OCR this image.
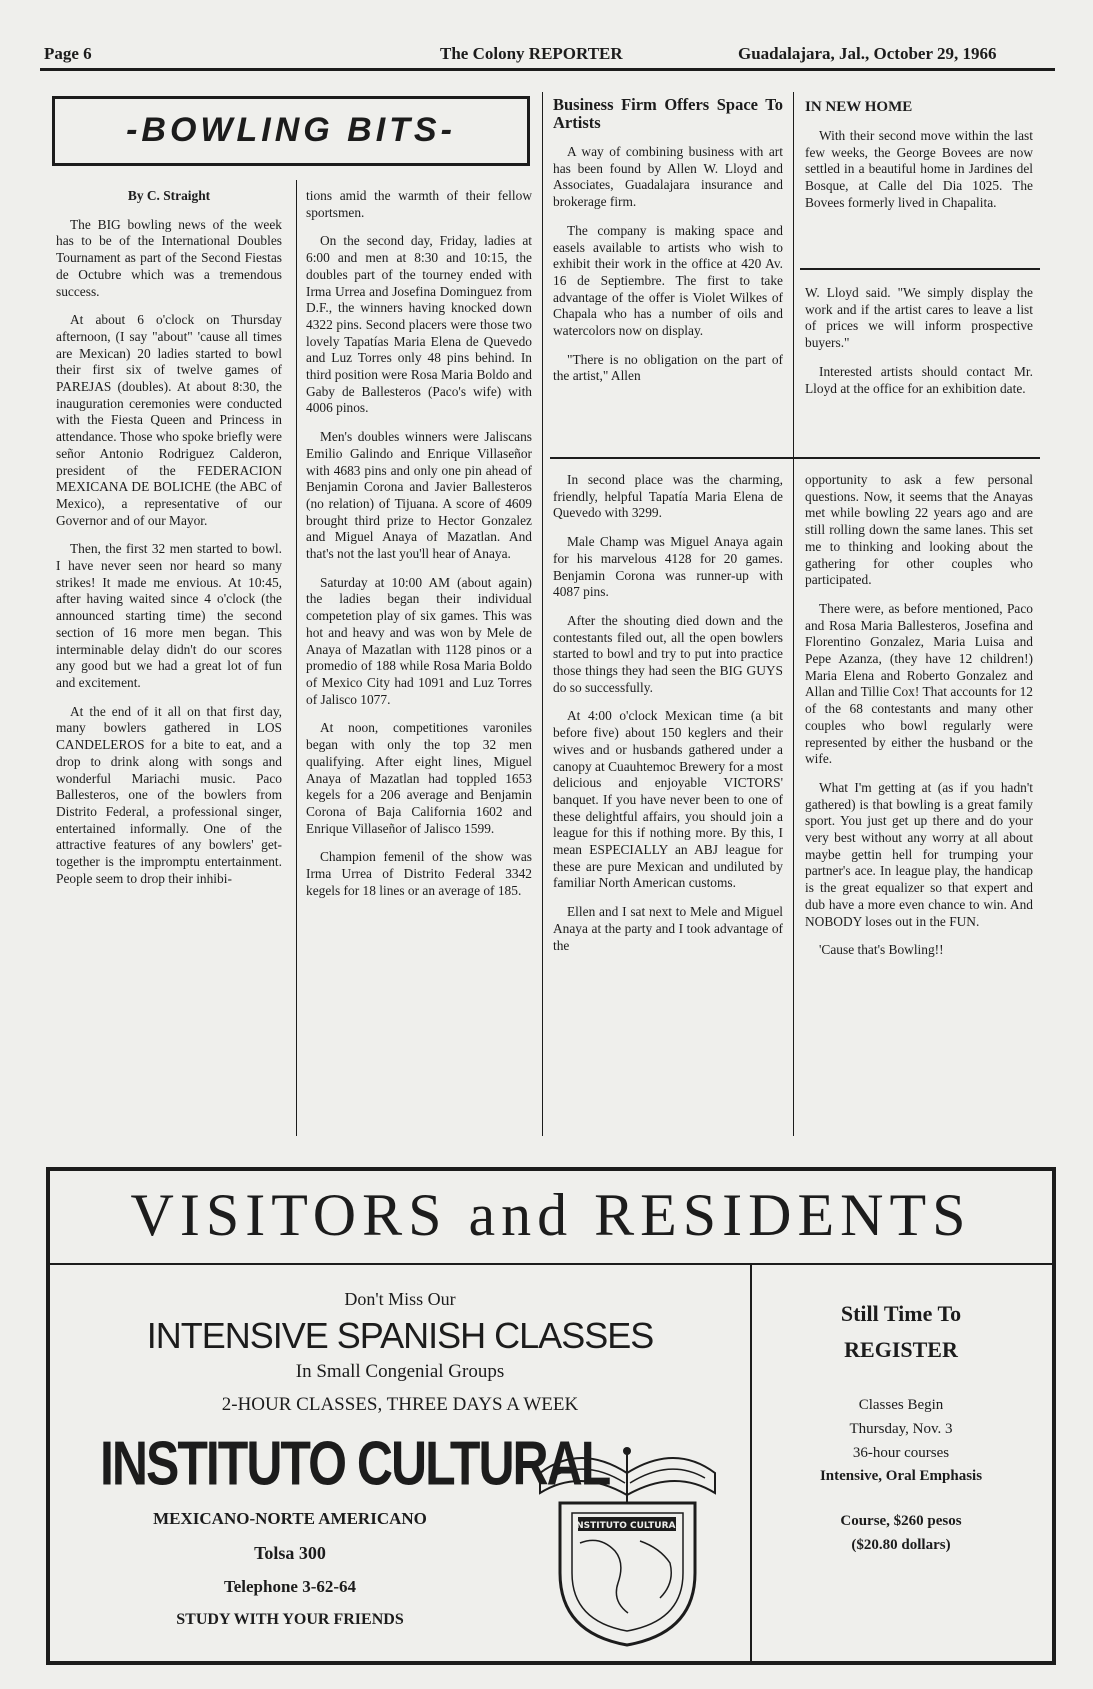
Page 6	The Colony REPORTER	Guadalajara, Jal., October 29, 1966
-BOWLING BITS-

By C. Straight

The BIG bowling news of the week has to be of the International Doubles Tournament as part of the Second Fiestas de Octubre which was a tremendous success.

At about 6 o'clock on Thursday afternoon, (I say "about" 'cause all times are Mexican) 20 ladies started to bowl their first six of twelve games of PAREJAS (doubles). At about 8:30, the inauguration ceremonies were conducted with the Fiesta Queen and Princess in attendance. Those who spoke briefly were señor Antonio Rodriguez Calderon, president of the FEDERACION MEXICANA DE BOLICHE (the ABC of Mexico), a representative of our Governor and of our Mayor.

Then, the first 32 men started to bowl. I have never seen nor heard so many strikes! It made me envious. At 10:45, after having waited since 4 o'clock (the announced starting time) the second section of 16 more men began. This interminable delay didn't do our scores any good but we had a great lot of fun and excitement.

At the end of it all on that first day, many bowlers gathered in LOS CANDELEROS for a bite to eat, and a drop to drink along with songs and wonderful Mariachi music. Paco Ballesteros, one of the bowlers from Distrito Federal, a professional singer, entertained informally. One of the attractive features of any bowlers' get-together is the impromptu entertainment. People seem to drop their inhibi-

tions amid the warmth of their fellow sportsmen.

On the second day, Friday, ladies at 6:00 and men at 8:30 and 10:15, the doubles part of the tourney ended with Irma Urrea and Josefina Dominguez from D.F., the winners having knocked down 4322 pins. Second placers were those two lovely Tapatías Maria Elena de Quevedo and Luz Torres only 48 pins behind. In third position were Rosa Maria Boldo and Gaby de Ballesteros (Paco's wife) with 4006 pinos.

Men's doubles winners were Jaliscans Emilio Galindo and Enrique Villaseñor with 4683 pins and only one pin ahead of Benjamin Corona and Javier Ballesteros (no relation) of Tijuana. A score of 4609 brought third prize to Hector Gonzalez and Miguel Anaya of Mazatlan. And that's not the last you'll hear of Anaya.

Saturday at 10:00 AM (about again) the ladies began their individual competetion play of six games. This was hot and heavy and was won by Mele de Anaya of Mazatlan with 1128 pinos or a promedio of 188 while Rosa Maria Boldo of Mexico City had 1091 and Luz Torres of Jalisco 1077.

At noon, competitiones varoniles began with only the top 32 men qualifying. After eight lines, Miguel Anaya of Mazatlan had toppled 1653 kegels for a 206 average and Benjamin Corona of Baja California 1602 and Enrique Villaseñor of Jalisco 1599.

Champion femenil of the show was Irma Urrea of Distrito Federal 3342 kegels for 18 lines or an average of 185.

Business Firm Offers Space To Artists

A way of combining business with art has been found by Allen W. Lloyd and Associates, Guadalajara insurance and brokerage firm.

The company is making space and easels available to artists who wish to exhibit their work in the office at 420 Av. 16 de Septiembre. The first to take advantage of the offer is Violet Wilkes of Chapala who has a number of oils and watercolors now on display.

"There is no obligation on the part of the artist," Allen

IN NEW HOME

With their second move within the last few weeks, the George Bovees are now settled in a beautiful home in Jardines del Bosque, at Calle del Dia 1025. The Bovees formerly lived in Chapalita.

W. Lloyd said. "We simply display the work and if the artist cares to leave a list of prices we will inform prospective buyers."

Interested artists should contact Mr. Lloyd at the office for an exhibition date.

In second place was the charming, friendly, helpful Tapatía Maria Elena de Quevedo with 3299.

Male Champ was Miguel Anaya again for his marvelous 4128 for 20 games. Benjamin Corona was runner-up with 4087 pins.

After the shouting died down and the contestants filed out, all the open bowlers started to bowl and try to put into practice those things they had seen the BIG GUYS do so successfully.

At 4:00 o'clock Mexican time (a bit before five) about 150 keglers and their wives and or husbands gathered under a canopy at Cuauhtemoc Brewery for a most delicious and enjoyable VICTORS' banquet. If you have never been to one of these delightful affairs, you should join a league for this if nothing more. By this, I mean ESPECIALLY an ABJ league for these are pure Mexican and undiluted by familiar North American customs.

Ellen and I sat next to Mele and Miguel Anaya at the party and I took advantage of the

opportunity to ask a few personal questions. Now, it seems that the Anayas met while bowling 22 years ago and are still rolling down the same lanes. This set me to thinking and looking about the gathering for other couples who participated.

There were, as before mentioned, Paco and Rosa Maria Ballesteros, Josefina and Florentino Gonzalez, Maria Luisa and Pepe Azanza, (they have 12 children!) Maria Elena and Roberto Gonzalez and Allan and Tillie Cox! That accounts for 12 of the 68 contestants and many other couples who bowl regularly were represented by either the husband or the wife.

What I'm getting at (as if you hadn't gathered) is that bowling is a great family sport. You just get up there and do your very best without any worry at all about maybe gettin hell for trumping your partner's ace. In league play, the handicap is the great equalizer so that expert and dub have a more even chance to win. And NOBODY loses out in the FUN.

'Cause that's Bowling!!

VISITORS and RESIDENTS
Don't Miss Our
INTENSIVE SPANISH CLASSES
In Small Congenial Groups
2-HOUR CLASSES, THREE DAYS A WEEK
INSTITUTO CULTURAL
MEXICANO-NORTE AMERICANO
Tolsa 300
Telephone 3-62-64
STUDY WITH YOUR FRIENDS
INSTITUTO CULTURAL
Still Time To
REGISTER
Classes Begin
Thursday, Nov. 3
36-hour courses
Intensive, Oral Emphasis
Course, $260 pesos
($20.80 dollars)
